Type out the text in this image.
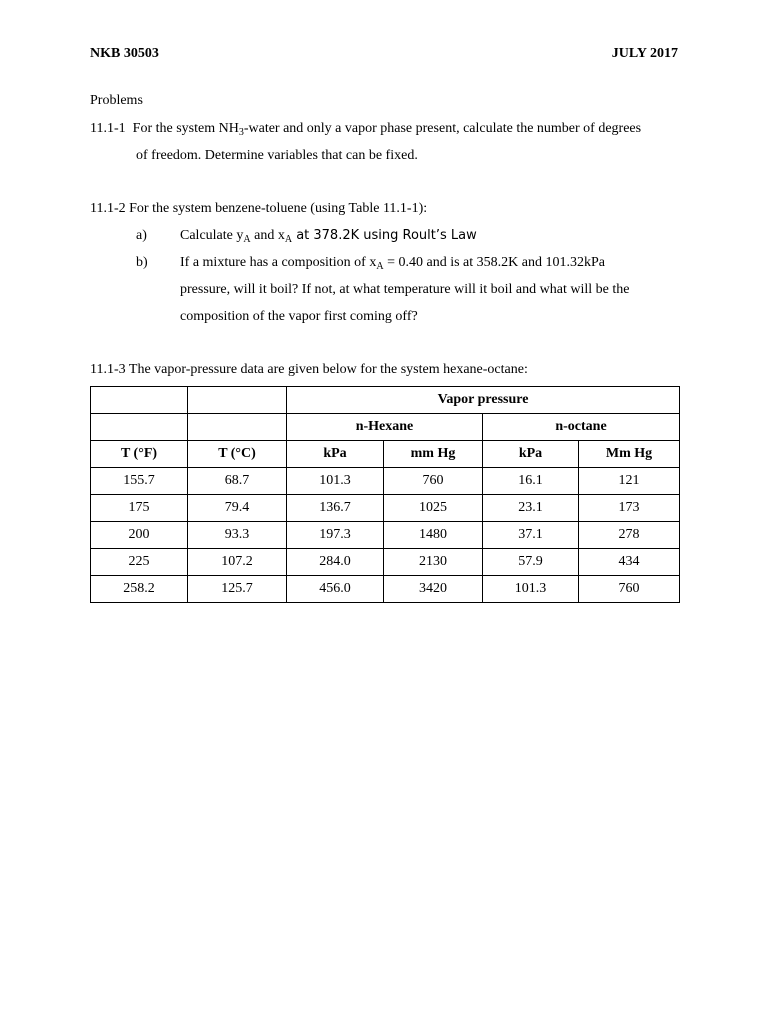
NKB 30503	JULY 2017
Problems
11.1-1 For the system $NH_3$-water and only a vapor phase present, calculate the number of degrees
of freedom. Determine variables that can be fixed.
11.1-2 For the system benzene-toluene (using Table 11.1-1):
a) Calculate $y_A$ and $x_A$ at 378.2K using Roult’s Law
b) If a mixture has a composition of $x_A = 0.40$ and is at 358.2K and 101.32kPa
pressure, will it boil? If not, at what temperature will it boil and what will be the
composition of the vapor first coming off?
11.1-3 The vapor-pressure data are given below for the system hexane-octane:
		Vapor pressure			
		n-Hexane		n-octane	
T (°F)	T (°C)	kPa	mm Hg	kPa	Mm Hg
155.7	68.7	101.3	760	16.1	121
175	79.4	136.7	1025	23.1	173
200	93.3	197.3	1480	37.1	278
225	107.2	284.0	2130	57.9	434
258.2	125.7	456.0	3420	101.3	760
